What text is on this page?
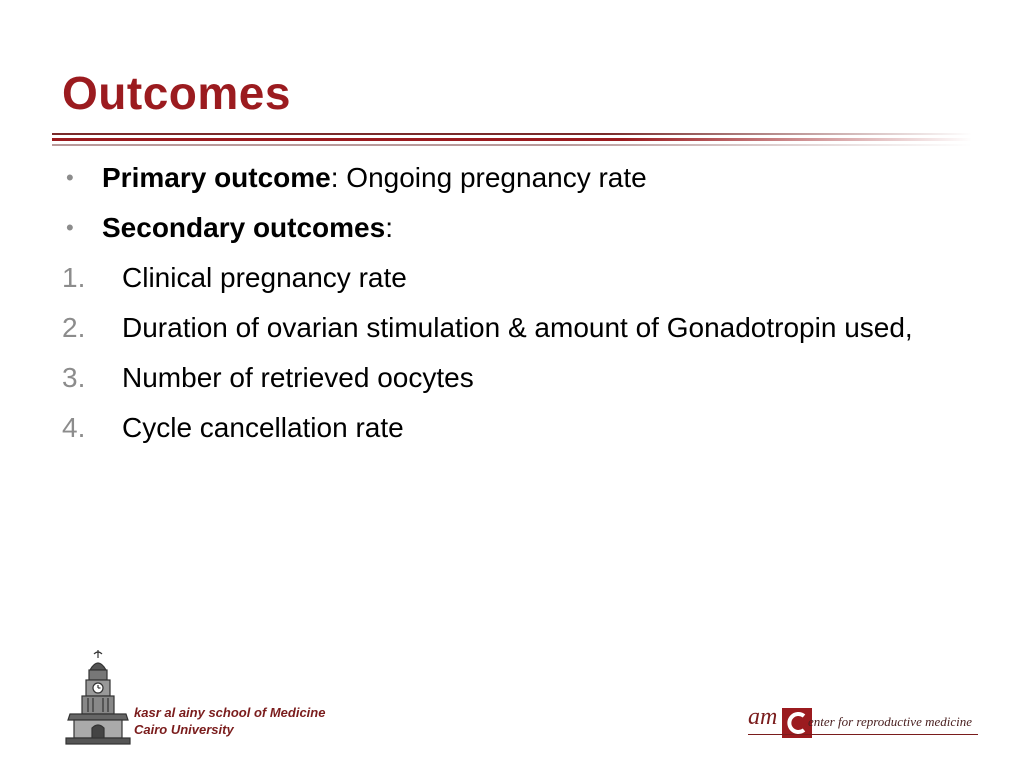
Outcomes
•	Primary outcome: Ongoing pregnancy rate
•	Secondary outcomes:
1.	Clinical pregnancy rate
2.	Duration of ovarian stimulation & amount of Gonadotropin used,
3.	Number of retrieved oocytes
4.	Cycle cancellation rate
kasr al ainy school of Medicine
Cairo University	am enter for reproductive medicine
